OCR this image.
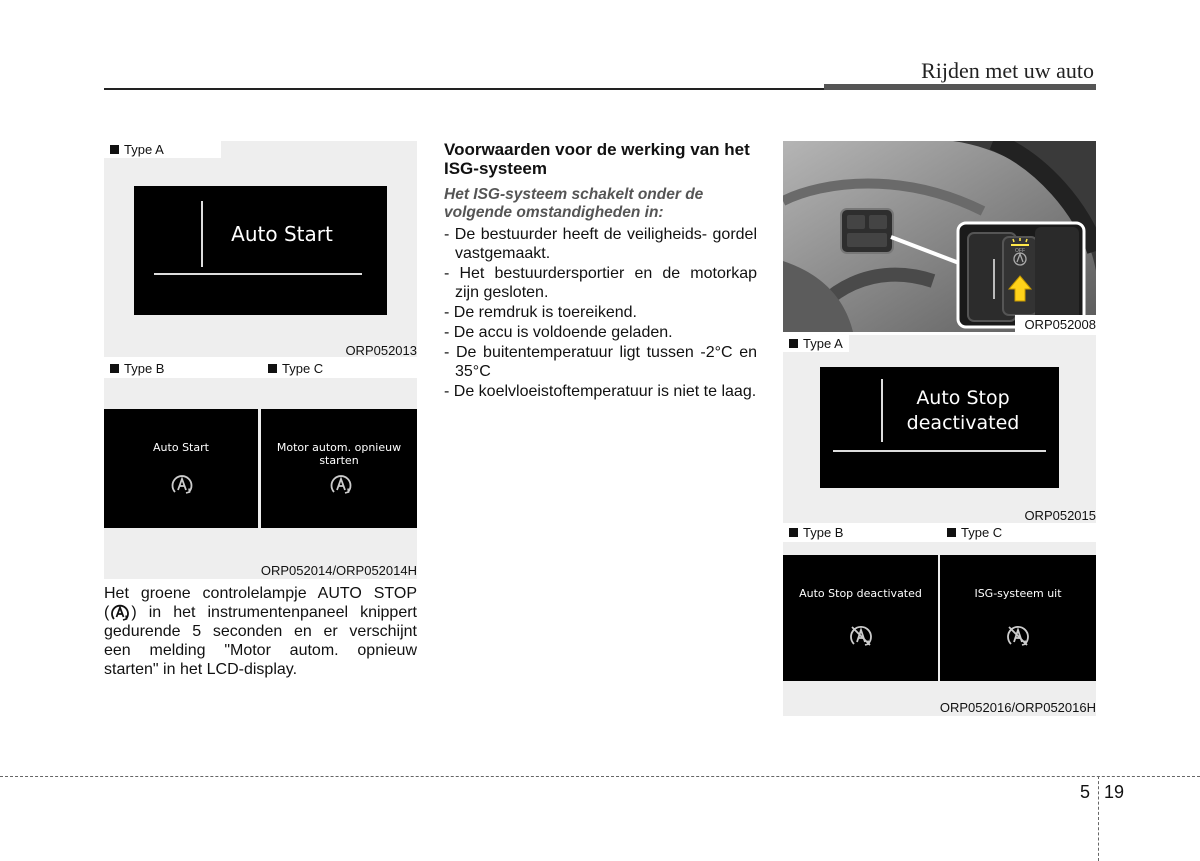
Rijden met uw auto
Type A
Auto Start
ORP052013
Type B	Type C
Auto Start	Motor autom. opnieuw starten
ORP052014/ORP052014H
Het groene controlelampje AUTO STOP
( ) in het instrumentenpaneel knippert
gedurende 5 seconden en er verschijnt
een melding "Motor autom. opnieuw
starten" in het LCD-display.
Voorwaarden voor de werking van het ISG-systeem
Het ISG-systeem schakelt onder de volgende omstandigheden in:
- De bestuurder heeft de veiligheids- gordel vastgemaakt.
- Het bestuurdersportier en de motorkap zijn gesloten.
- De remdruk is toereikend.
- De accu is voldoende geladen.
- De buitentemperatuur ligt tussen -2°C en 35°C
- De koelvloeistoftemperatuur is niet te laag.
OFF
ORP052008
Type A
Auto Stop
deactivated
ORP052015
Type B	Type C
Auto Stop deactivated	ISG-systeem uit
ORP052016/ORP052016H
5 19
